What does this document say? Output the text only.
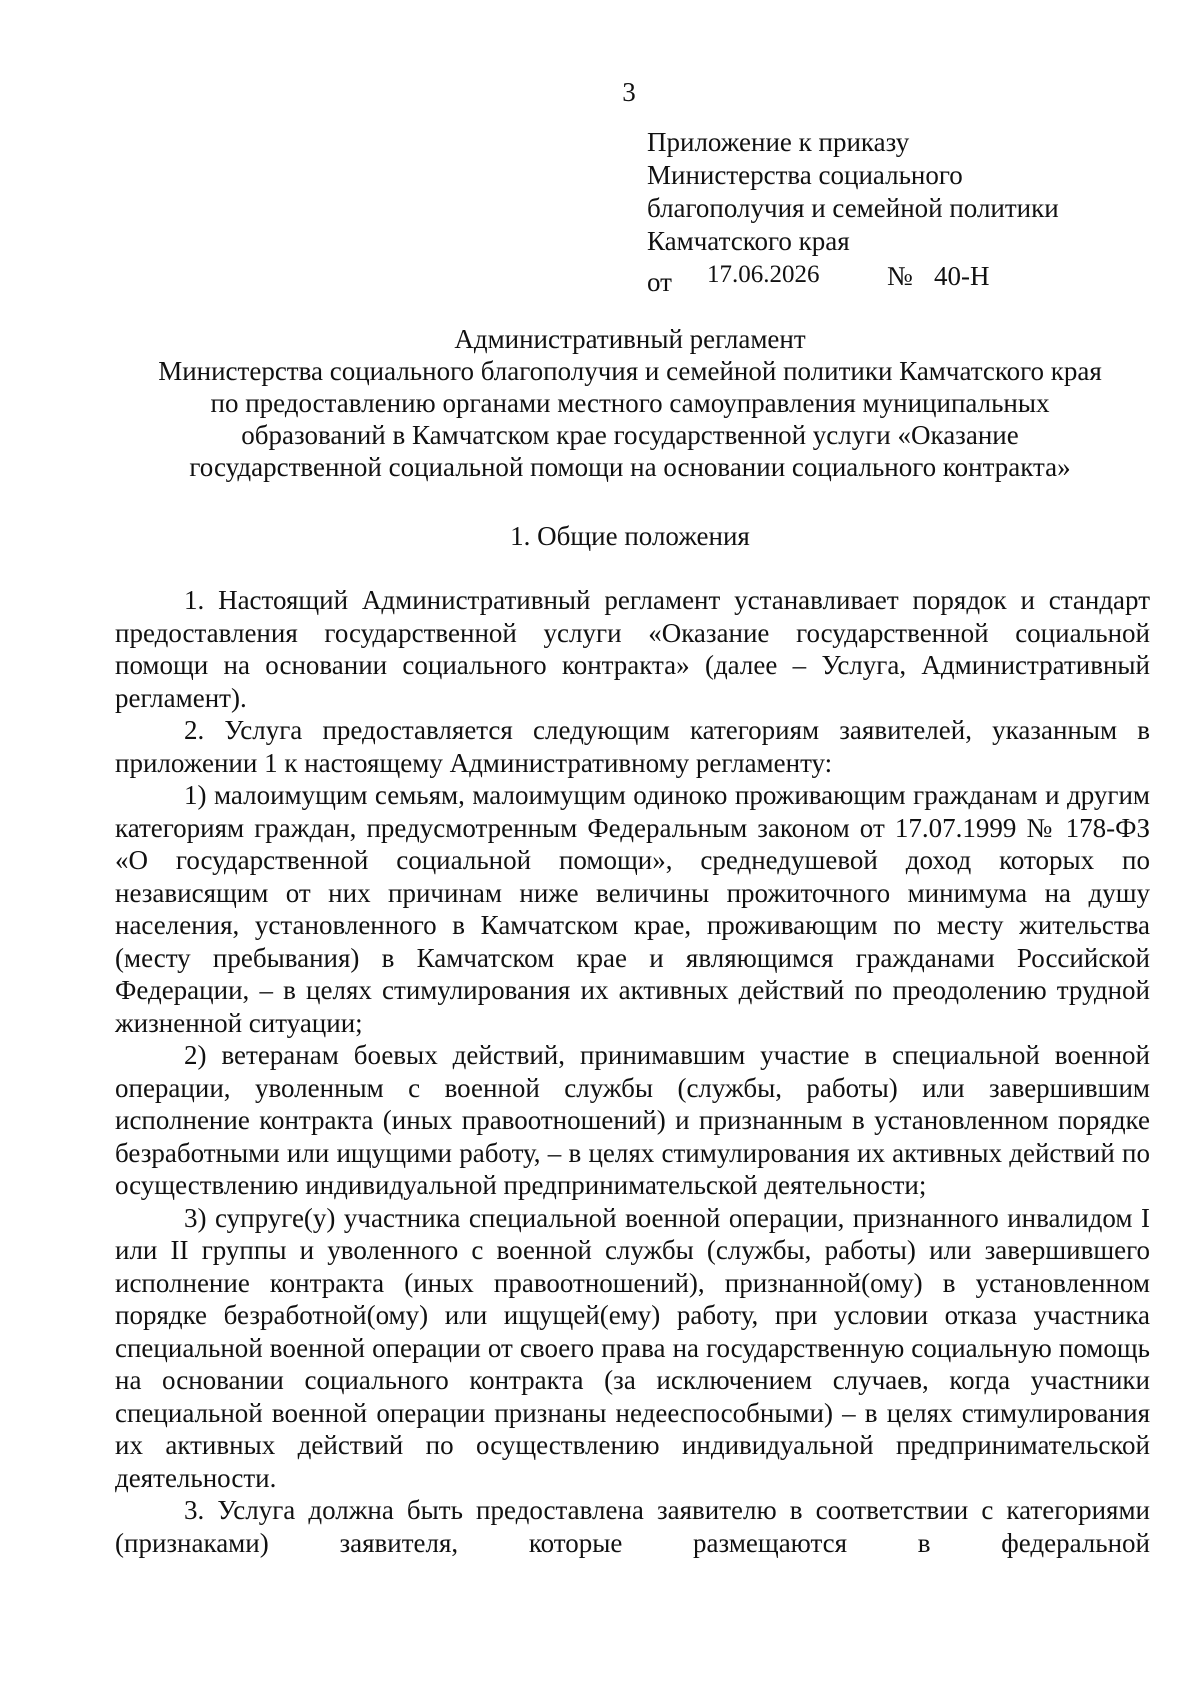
3
Приложение к приказу
Министерства социального
благополучия и семейной политики
Камчатского края
от 17.06.2026	№ 40-Н
Административный регламент
Министерства социального благополучия и семейной политики Камчатского края
по предоставлению органами местного самоуправления муниципальных
образований в Камчатском крае государственной услуги «Оказание
государственной социальной помощи на основании социального контракта»
1. Общие положения

1. Настоящий Административный регламент устанавливает порядок и стандарт предоставления государственной услуги «Оказание государственной социальной помощи на основании социального контракта» (далее – Услуга, Административный регламент).

2. Услуга предоставляется следующим категориям заявителей, указанным в приложении 1 к настоящему Административному регламенту:

1) малоимущим семьям, малоимущим одиноко проживающим гражданам и другим категориям граждан, предусмотренным Федеральным законом от 17.07.1999 № 178-ФЗ «О государственной социальной помощи», среднедушевой доход которых по независящим от них причинам ниже величины прожиточного минимума на душу населения, установленного в Камчатском крае, проживающим по месту жительства (месту пребывания) в Камчатском крае и являющимся гражданами Российской Федерации, – в целях стимулирования их активных действий по преодолению трудной жизненной ситуации;

2) ветеранам боевых действий, принимавшим участие в специальной военной операции, уволенным с военной службы (службы, работы) или завершившим исполнение контракта (иных правоотношений) и признанным в установленном порядке безработными или ищущими работу, – в целях стимулирования их активных действий по осуществлению индивидуальной предпринимательской деятельности;

3) супруге(у) участника специальной военной операции, признанного инвалидом I или II группы и уволенного с военной службы (службы, работы) или завершившего исполнение контракта (иных правоотношений), признанной(ому) в установленном порядке безработной(ому) или ищущей(ему) работу, при условии отказа участника специальной военной операции от своего права на государственную социальную помощь на основании социального контракта (за исключением случаев, когда участники специальной военной операции признаны недееспособными) – в целях стимулирования их активных действий по осуществлению индивидуальной предпринимательской деятельности.

3. Услуга должна быть предоставлена заявителю в соответствии с категориями (признаками) заявителя, которые размещаются в федеральной
